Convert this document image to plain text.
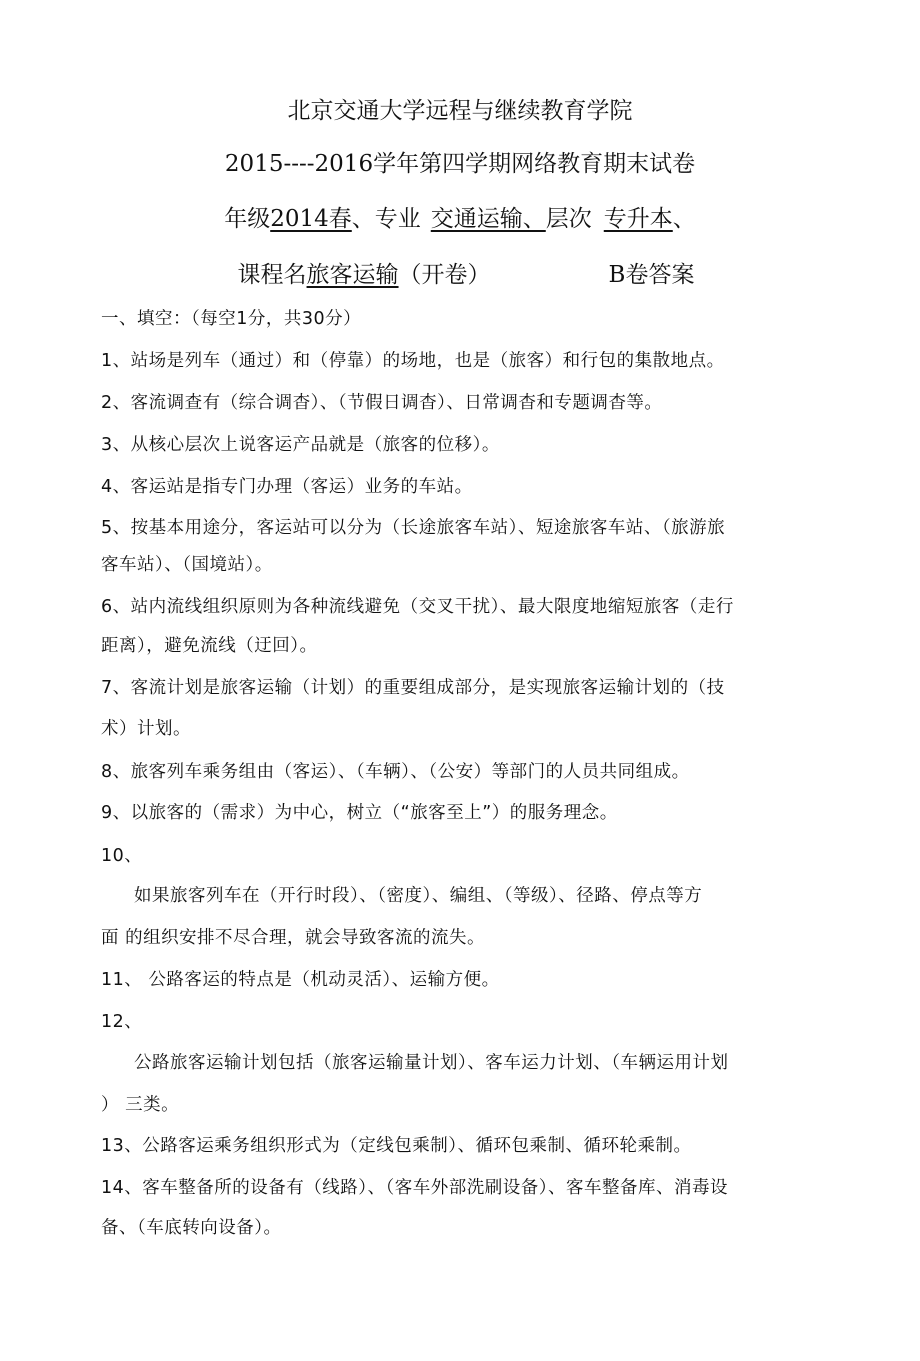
北京交通大学远程与继续教育学院
2015----2016学年第四学期网络教育期末试卷
年级2014春、专业 交通运输、层次 专升本、
课程名旅客运输（开卷）	B卷答案
一、填空：（每空1分，共30分）
1、站场是列车（通过）和（停靠）的场地，也是（旅客）和行包的集散地点。
2、客流调查有（综合调杳）、（节假日调杳）、日常调杳和专题调杳等。
3、从核心层次上说客运产品就是（旅客的位移）。
4、客运站是指专门办理（客运）业务的车站。
5、按基本用途分，客运站可以分为（长途旅客车站）、短途旅客车站、（旅游旅
客车站）、（国境站）。
6、站内流线组织原则为各种流线避免（交叉干扰）、最大限度地缩短旅客（走行
距离），避免流线（迂回）。
7、客流计划是旅客运输（计划）的重要组成部分，是实现旅客运输计划的（技
术）计划。
8、旅客列车乘务组由（客运）、（车辆）、（公安）等部门的人员共同组成。
9、以旅客的（需求）为中心，树立（“旅客至上”）的服务理念。
10、
如果旅客列车在（开行时段）、（密度）、编组、（等级）、径路、停点等方
面 的组织安排不尽合理，就会导致客流的流失。
11、 公路客运的特点是（机动灵活）、运输方便。
12、
公路旅客运输计划包括（旅客运输量计划）、客车运力计划、（车辆运用计划
） 三类。
13、公路客运乘务组织形式为（定线包乘制）、循环包乘制、循环轮乘制。
14、客车整备所的设备有（线路）、（客车外部洗刷设备）、客车整备库、消毒设
备、（车底转向设备）。
